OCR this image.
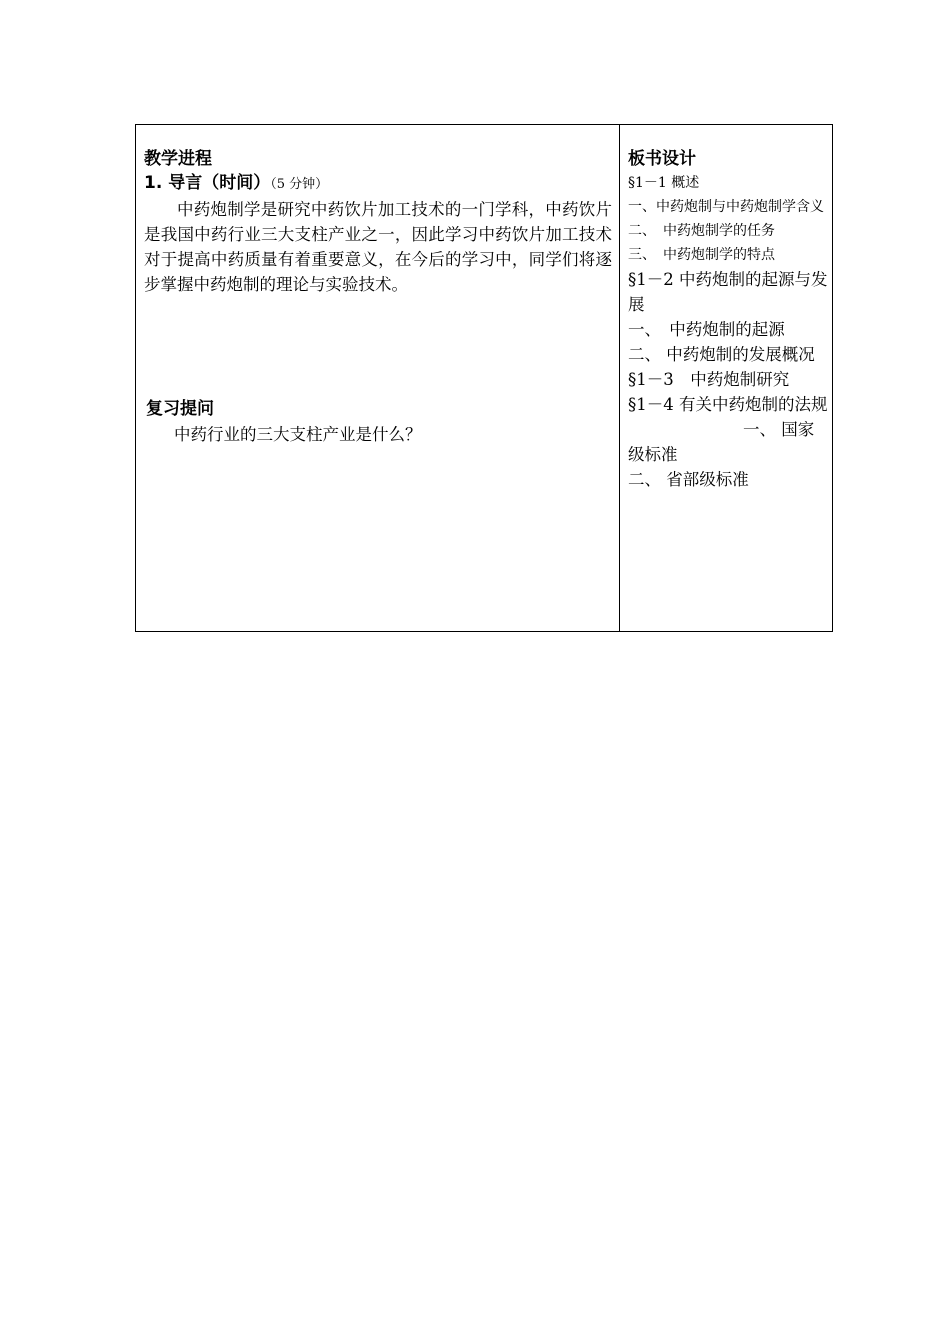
教学进程

1. 导言（时间）（5 分钟）

中药炮制学是研究中药饮片加工技术的一门学科，中药饮片是我国中药行业三大支柱产业之一，因此学习中药饮片加工技术对于提高中药质量有着重要意义，在今后的学习中，同学们将逐步掌握中药炮制的理论与实验技术。

复习提问

中药行业的三大支柱产业是什么？

板书设计

§1－1 概述

一、中药炮制与中药炮制学含义

二、　中药炮制学的任务

三、　中药炮制学的特点

§1－2 中药炮制的起源与发展

一、　中药炮制的起源

二、 中药炮制的发展概况

§1－3　中药炮制研究

§1－4 有关中药炮制的法规

一、 国家级标准

二、 省部级标准
